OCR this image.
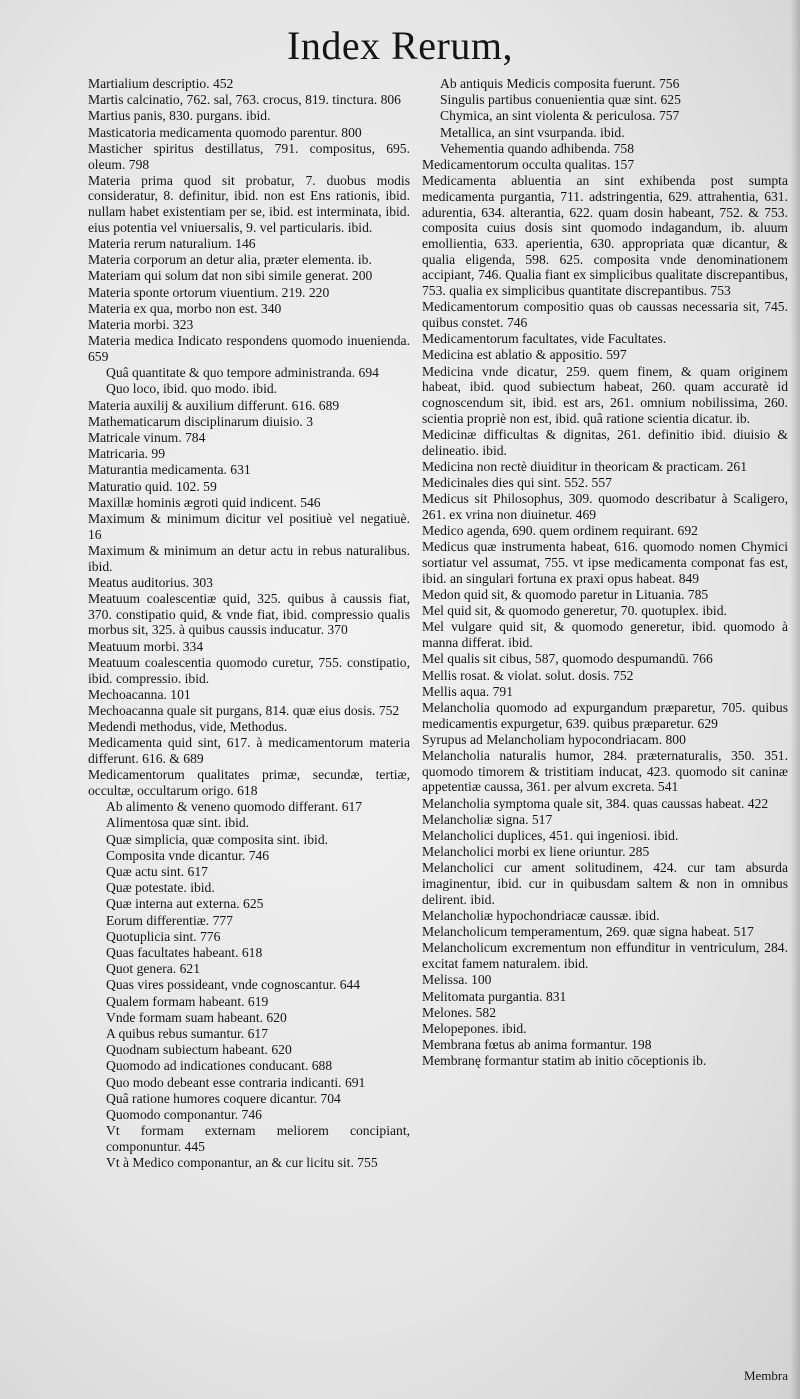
Index Rerum,
Martialium descriptio. 452
Martis calcinatio, 762. sal, 763. crocus, 819. tinctura. 806
Martius panis, 830. purgans. ibid.
Masticatoria medicamenta quomodo parentur. 800
Masticher spiritus destillatus, 791. compositus, 695. oleum. 798
Materia prima quod sit probatur, 7. duobus modis consideratur, 8. definitur, ibid. non est Ens rationis, ibid. nullam habet existentiam per se, ibid. est interminata, ibid. eius potentia vel vniuersalis, 9. vel particularis. ibid.
Materia rerum naturalium. 146
Materia corporum an detur alia, præter elementa. ib.
Materiam qui solum dat non sibi simile generat. 200
Materia sponte ortorum viuentium. 219. 220
Materia ex qua, morbo non est. 340
Materia morbi. 323
Materia medica Indicato respondens quomodo inuenienda. 659
Quâ quantitate & quo tempore administranda. 694
Quo loco, ibid. quo modo. ibid.
Materia auxilij & auxilium differunt. 616. 689
Mathematicarum disciplinarum diuisio. 3
Matricale vinum. 784
Matricaria. 99
Maturantia medicamenta. 631
Maturatio quid. 102. 59
Maxillæ hominis ægroti quid indicent. 546
Maximum & minimum dicitur vel positiuè vel negatiuè. 16
Maximum & minimum an detur actu in rebus naturalibus. ibid.
Meatus auditorius. 303
Meatuum coalescentiæ quid, 325. quibus à caussis fiat, 370. constipatio quid, & vnde fiat, ibid. compressio qualis morbus sit, 325. à quibus caussis inducatur. 370
Meatuum morbi. 334
Meatuum coalescentia quomodo curetur, 755. constipatio, ibid. compressio. ibid.
Mechoacanna. 101
Mechoacanna quale sit purgans, 814. quæ eius dosis. 752
Medendi methodus, vide, Methodus.
Medicamenta quid sint, 617. à medicamentorum materia differunt. 616. & 689
Medicamentorum qualitates primæ, secundæ, tertiæ, occultæ, occultarum origo. 618
Ab alimento & veneno quomodo differant. 617
Alimentosa quæ sint. ibid.
Quæ simplicia, quæ composita sint. ibid.
Composita vnde dicantur. 746
Quæ actu sint. 617
Quæ potestate. ibid.
Quæ interna aut externa. 625
Eorum differentiæ. 777
Quotuplicia sint. 776
Quas facultates habeant. 618
Quot genera. 621
Quas vires possideant, vnde cognoscantur. 644
Qualem formam habeant. 619
Vnde formam suam habeant. 620
A quibus rebus sumantur. 617
Quodnam subiectum habeant. 620
Quomodo ad indicationes conducant. 688
Quo modo debeant esse contraria indicanti. 691
Quâ ratione humores coquere dicantur. 704
Quomodo componantur. 746
Vt formam externam meliorem concipiant, componuntur. 445
Vt à Medico componantur, an & cur licitu sit. 755
Ab antiquis Medicis composita fuerunt. 756
Singulis partibus conuenientia quæ sint. 625
Chymica, an sint violenta & periculosa. 757
Metallica, an sint vsurpanda. ibid.
Vehementia quando adhibenda. 758
Medicamentorum occulta qualitas. 157
Medicamenta abluentia an sint exhibenda post sumpta medicamenta purgantia, 711. adstringentia, 629. attrahentia, 631. adurentia, 634. alterantia, 622. quam dosin habeant, 752. & 753. composita cuius dosis sint quomodo indagandum, ib. aluum emollientia, 633. aperientia, 630. appropriata quæ dicantur, & qualia eligenda, 598. 625. composita vnde denominationem accipiant, 746. Qualia fiant ex simplicibus qualitate discrepantibus, 753. qualia ex simplicibus quantitate discrepantibus. 753
Medicamentorum compositio quas ob caussas necessaria sit, 745. quibus constet. 746
Medicamentorum facultates, vide Facultates.
Medicina est ablatio & appositio. 597
Medicina vnde dicatur, 259. quem finem, & quam originem habeat, ibid. quod subiectum habeat, 260. quam accuratè id cognoscendum sit, ibid. est ars, 261. omnium nobilissima, 260. scientia propriè non est, ibid. quâ ratione scientia dicatur. ib.
Medicinæ difficultas & dignitas, 261. definitio ibid. diuisio & delineatio. ibid.
Medicina non rectè diuiditur in theoricam & practicam. 261
Medicinales dies qui sint. 552. 557
Medicus sit Philosophus, 309. quomodo describatur à Scaligero, 261. ex vrina non diuinetur. 469
Medico agenda, 690. quem ordinem requirant. 692
Medicus quæ instrumenta habeat, 616. quomodo nomen Chymici sortiatur vel assumat, 755. vt ipse medicamenta componat fas est, ibid. an singulari fortuna ex praxi opus habeat. 849
Medon quid sit, & quomodo paretur in Lituania. 785
Mel quid sit, & quomodo generetur, 70. quotuplex. ibid.
Mel vulgare quid sit, & quomodo generetur, ibid. quomodo à manna differat. ibid.
Mel qualis sit cibus, 587, quomodo despumandū. 766
Mellis rosat. & violat. solut. dosis. 752
Mellis aqua. 791
Melancholia quomodo ad expurgandum præparetur, 705. quibus medicamentis expurgetur, 639. quibus præparetur. 629
Syrupus ad Melancholiam hypocondriacam. 800
Melancholia naturalis humor, 284. præternaturalis, 350. 351. quomodo timorem & tristitiam inducat, 423. quomodo sit caninæ appetentiæ caussa, 361. per alvum excreta. 541
Melancholia symptoma quale sit, 384. quas caussas habeat. 422
Melancholiæ signa. 517
Melancholici duplices, 451. qui ingeniosi. ibid.
Melancholici morbi ex liene oriuntur. 285
Melancholici cur ament solitudinem, 424. cur tam absurda imaginentur, ibid. cur in quibusdam saltem & non in omnibus delirent. ibid.
Melancholiæ hypochondriacæ caussæ. ibid.
Melancholicum temperamentum, 269. quæ signa habeat. 517
Melancholicum excrementum non effunditur in ventriculum, 284. excitat famem naturalem. ibid.
Melissa. 100
Melitomata purgantia. 831
Melones. 582
Melopepones. ibid.
Membrana fœtus ab anima formantur. 198
Membranę formantur statim ab initio cōceptionis ib.
Membra
